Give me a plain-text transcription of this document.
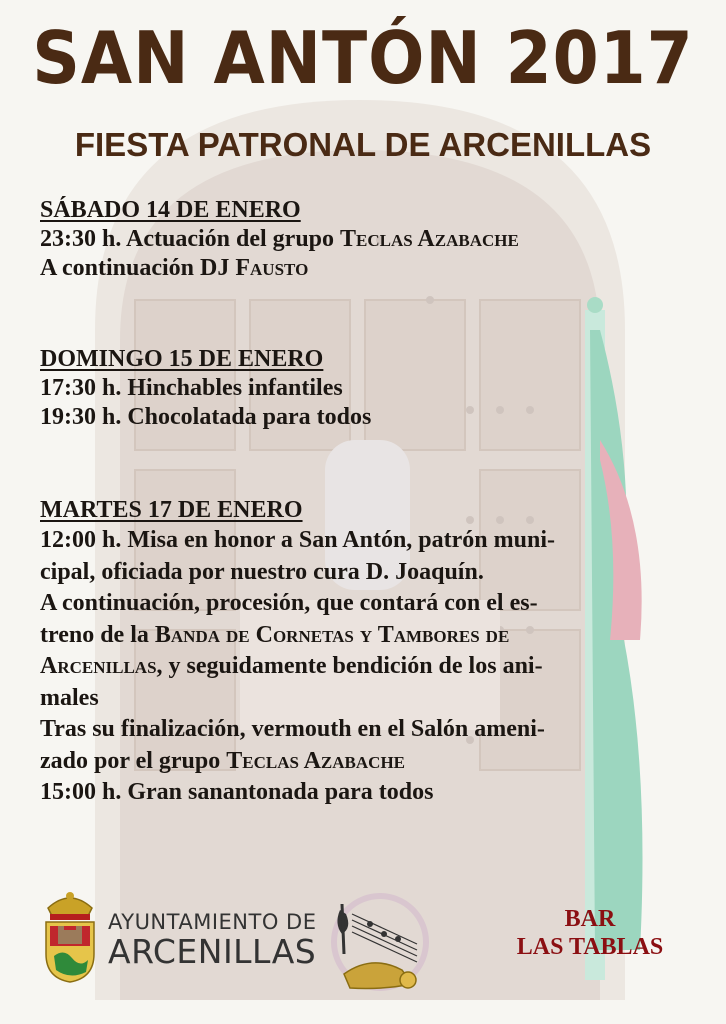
SAN ANTÓN 2017
FIESTA PATRONAL DE ARCENILLAS
SÁBADO 14 DE ENERO
23:30 h. Actuación del grupo Teclas Azabache
A continuación DJ Fausto
DOMINGO 15 DE ENERO
17:30 h. Hinchables infantiles
19:30 h. Chocolatada para todos
MARTES 17 DE ENERO
12:00 h. Misa en honor a San Antón, patrón muni-
cipal, oficiada por nuestro cura D. Joaquín.
A continuación, procesión, que contará con el es-
treno de la Banda de Cornetas y Tambores de
Arcenillas, y seguidamente bendición de los ani-
males
Tras su finalización, vermouth en el Salón ameni-
zado por el grupo Teclas Azabache
15:00 h. Gran sanantonada para todos
AYUNTAMIENTO DE
ARCENILLAS
BAR
LAS TABLAS
